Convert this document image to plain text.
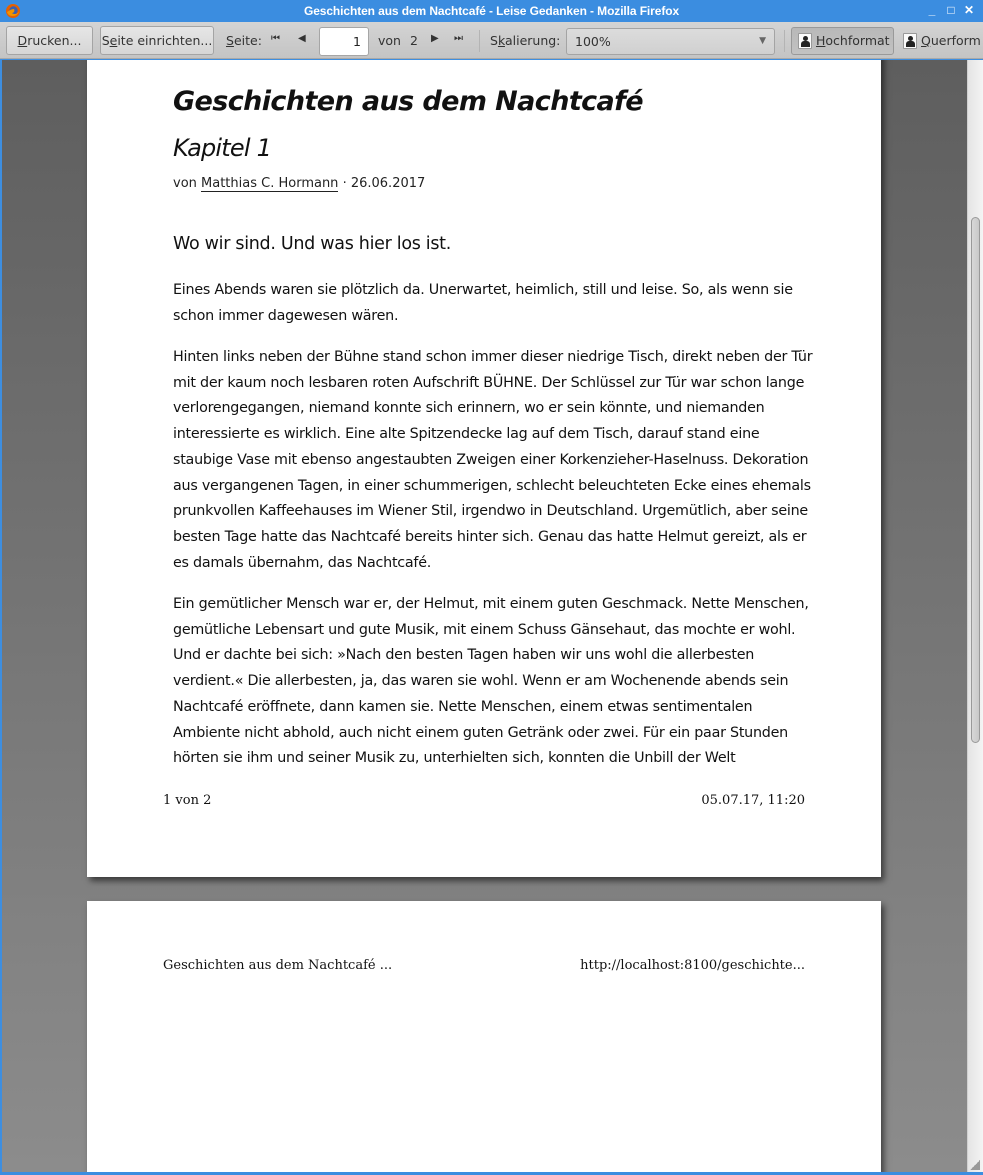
Geschichten aus dem Nachtcafé - Leise Gedanken - Mozilla Firefox	_	□ ✕
Drucken...	Seite einrichten... Seite: ⏮ ◀	1	von 2 ▶ ⏭ Skalierung:	100%	▼	Hochformat	Querform
Geschichten aus dem Nachtcafé
Kapitel 1
von Matthias C. Hormann · 26.06.2017
Wo wir sind. Und was hier los ist.
Eines Abends waren sie plötzlich da. Unerwartet, heimlich, still und leise. So, als wenn sie schon immer dagewesen wären.
Hinten links neben der Bühne stand schon immer dieser niedrige Tisch, direkt neben der Tür mit der kaum noch lesbaren roten Aufschrift BÜHNE. Der Schlüssel zur Tür war schon lange verlorengegangen, niemand konnte sich erinnern, wo er sein könnte, und niemanden interessierte es wirklich. Eine alte Spitzendecke lag auf dem Tisch, darauf stand eine staubige Vase mit ebenso angestaubten Zweigen einer Korkenzieher-Haselnuss. Dekoration aus vergangenen Tagen, in einer schummerigen, schlecht beleuchteten Ecke eines ehemals prunkvollen Kaffeehauses im Wiener Stil, irgendwo in Deutschland. Urgemütlich, aber seine besten Tage hatte das Nachtcafé bereits hinter sich. Genau das hatte Helmut gereizt, als er es damals übernahm, das Nachtcafé.
Ein gemütlicher Mensch war er, der Helmut, mit einem guten Geschmack. Nette Menschen, gemütliche Lebensart und gute Musik, mit einem Schuss Gänsehaut, das mochte er wohl. Und er dachte bei sich: »Nach den besten Tagen haben wir uns wohl die allerbesten verdient.« Die allerbesten, ja, das waren sie wohl. Wenn er am Wochenende abends sein Nachtcafé eröffnete, dann kamen sie. Nette Menschen, einem etwas sentimentalen Ambiente nicht abhold, auch nicht einem guten Getränk oder zwei. Für ein paar Stunden hörten sie ihm und seiner Musik zu, unterhielten sich, konnten die Unbill der Welt
1 von 2	05.07.17, 11:20
Geschichten aus dem Nachtcafé ...	http://localhost:8100/geschichte...
